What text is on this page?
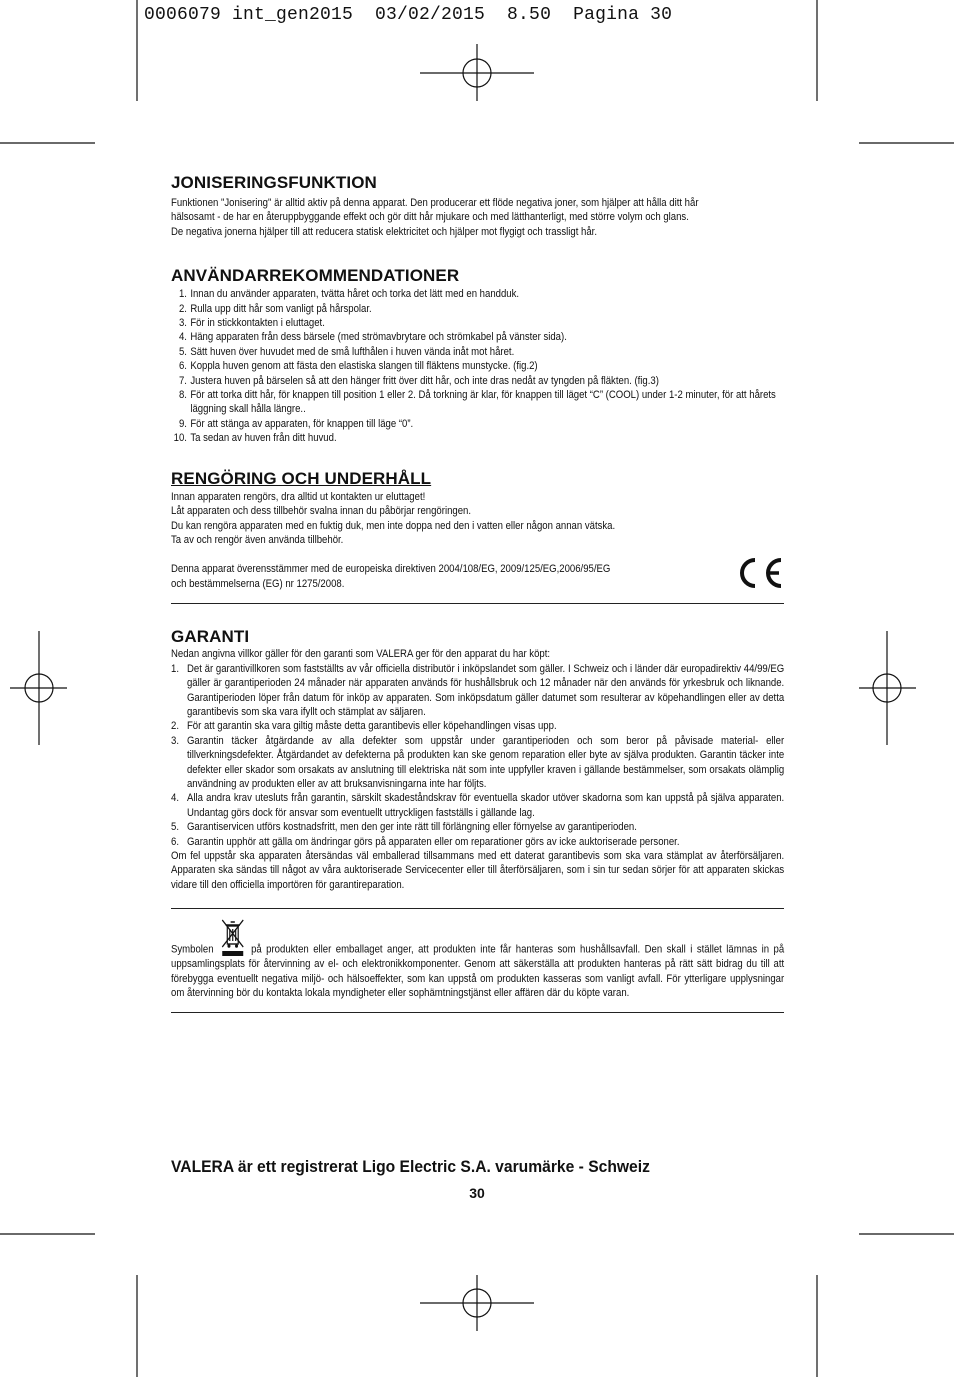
0006079 int_gen2015  03/02/2015  8.50  Pagina 30
JONISERINGSFUNKTION

Funktionen "Jonisering" är alltid aktiv på denna apparat. Den producerar ett flöde negativa joner, som hjälper att hålla ditt hår

hälsosamt - de har en återuppbyggande effekt och gör ditt hår mjukare och med lätthanterligt, med större volym och glans.

De negativa jonerna hjälper till att reducera statisk elektricitet och hjälper mot flygigt och trassligt hår.

ANVÄNDARREKOMMENDATIONER
1. Innan du använder apparaten, tvätta håret och torka det lätt med en handduk.
2. Rulla upp ditt hår som vanligt på hårspolar.
3. För in stickkontakten i eluttaget.
4. Häng apparaten från dess bärsele (med strömavbrytare och strömkabel på vänster sida).
5. Sätt huven över huvudet med de små lufthålen i huven vända inåt mot håret.
6. Koppla huven genom att fästa den elastiska slangen till fläktens munstycke. (fig.2)
7. Justera huven på bärselen så att den hänger fritt över ditt hår, och inte dras nedåt av tyngden på fläkten. (fig.3)
8. För att torka ditt hår, för knappen till position 1 eller 2. Då torkning är klar, för knappen till läget “C” (COOL) under 1-2 minuter, för att hårets läggning skall hålla längre..
9. För att stänga av apparaten, för knappen till läge “0”.
10. Ta sedan av huven från ditt huvud.
RENGÖRING OCH UNDERHÅLL

Innan apparaten rengörs, dra alltid ut kontakten ur eluttaget!

Låt apparaten och dess tillbehör svalna innan du påbörjar rengöringen.

Du kan rengöra apparaten med en fuktig duk, men inte doppa ned den i vatten eller någon annan vätska.

Ta av och rengör även använda tillbehör.

Denna apparat överensstämmer med de europeiska direktiven 2004/108/EG, 2009/125/EG,2006/95/EG

och bestämmelserna (EG) nr 1275/2008.

GARANTI

Nedan angivna villkor gäller för den garanti som VALERA ger för den apparat du har köpt:

1. Det är garantivillkoren som fastställts av vår officiella distributör i inköpslandet som gäller. I Schweiz och i länder där europadirektiv 44/99/EG gäller är garantiperioden 24 månader när apparaten används för hushållsbruk och 12 månader när den används för yrkesbruk och liknande. Garantiperioden löper från datum för inköp av apparaten. Som inköpsdatum gäller datumet som resulterar av köpehandlingen eller av detta garantibevis som ska vara ifyllt och stämplat av säljaren.
2. För att garantin ska vara giltig måste detta garantibevis eller köpehandlingen visas upp.
3. Garantin täcker åtgärdande av alla defekter som uppstår under garantiperioden och som beror på påvisade material- eller tillverkningsdefekter. Åtgärdandet av defekterna på produkten kan ske genom reparation eller byte av själva produkten. Garantin täcker inte defekter eller skador som orsakats av anslutning till elektriska nät som inte uppfyller kraven i gällande bestämmelser, som orsakats olämplig användning av produkten eller av att bruksanvisningarna inte har följts.
4. Alla andra krav utesluts från garantin, särskilt skadeståndskrav för eventuella skador utöver skadorna som kan uppstå på själva apparaten. Undantag görs dock för ansvar som eventuellt uttryckligen fastställs i gällande lag.
5. Garantiservicen utförs kostnadsfritt, men den ger inte rätt till förlängning eller förnyelse av garantiperioden.
6. Garantin upphör att gälla om ändringar görs på apparaten eller om reparationer görs av icke auktoriserade personer.

Om fel uppstår ska apparaten återsändas väl emballerad tillsammans med ett daterat garantibevis som ska vara stämplat av återförsäljaren. Apparaten ska sändas till något av våra auktoriserade Servicecenter eller till återförsäljaren, som i sin tur sedan sörjer för att apparaten skickas vidare till den officiella importören för garantireparation.

Symbolen	på produkten eller emballaget anger, att produkten inte får hanteras som hushållsavfall. Den skall i stället lämnas in på uppsamlingsplats för återvinning av el- och elektronikkomponenter. Genom att säkerställa att produkten hanteras på rätt sätt bidrag du till att förebygga eventuellt negativa miljö- och hälsoeffekter, som kan uppstå om produkten kasseras som vanligt avfall. För ytterligare upplysningar om återvinning bör du kontakta lokala myndigheter eller sophämtningstjänst eller affären där du köpte varan.
VALERA är ett registrerat Ligo Electric S.A. varumärke - Schweiz
30
